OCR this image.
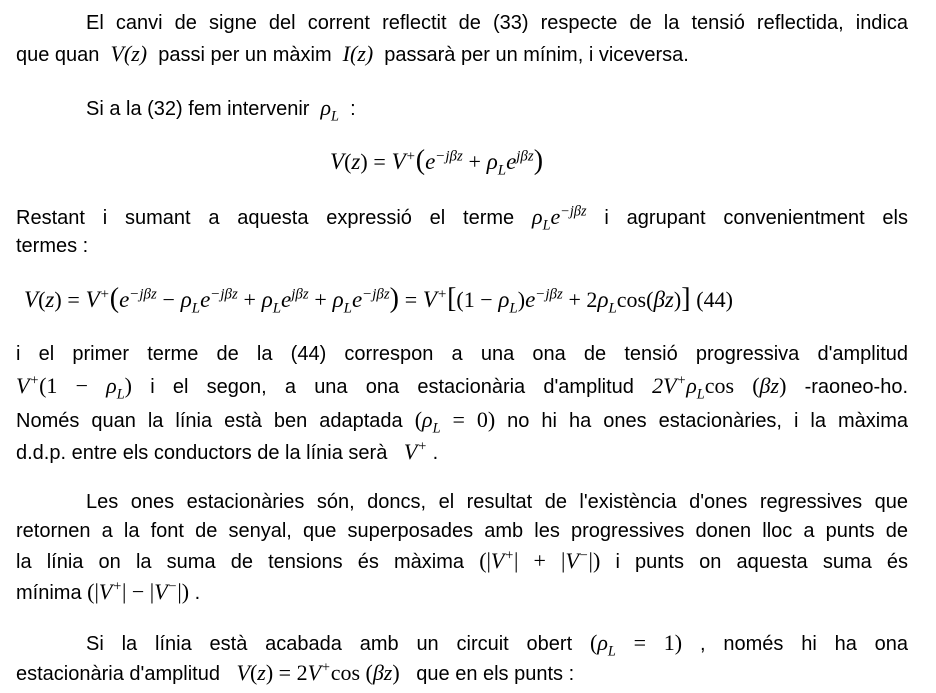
El canvi de signe del corrent reflectit de (33) respecte de la tensió reflectida, indica
que quan  V(z)  passi per un màxim  I(z)  passarà per un mínim, i viceversa.
Si a la (32) fem intervenir  $\rho_L$ :
$V(z) = V^+(e^{-j\beta z} + \rho_Le^{j\beta z})$
Restant i sumant a aquesta expressió el terme $\rho_Le^{-j\beta z}$ i agrupant convenientment els
termes :
$V(z) = V^+(e^{-j\beta z} - \rho_Le^{-j\beta z} + \rho_Le^{j\beta z} + \rho_Le^{-j\beta z}) = V^+[(1 - \rho_L)e^{-j\beta z} + 2\rho_L\cos(\beta z)]$ (44)
i el primer terme de la (44) correspon a una ona de tensió progressiva d'amplitud
$V^+(1 - \rho_L)$ i el segon, a una ona estacionària d'amplitud $2V^+\rho_L\cos$ (βz) -raoneo-ho.
Només quan la línia està ben adaptada $(\rho_L = 0)$ no hi ha ones estacionàries, i la màxima
d.d.p. entre els conductors de la línia serà   V+ .
Les ones estacionàries són, doncs, el resultat de l'existència d'ones regressives que
retornen a la font de senyal, que superposades amb les progressives donen lloc a punts de
la línia on la suma de tensions és màxima (|V+| + |V−|) i punts on aquesta suma és
mínima (|V+| − |V−|) .
Si la línia està acabada amb un circuit obert $(\rho_L = 1)$ , només hi ha ona
estacionària d'amplitud   V(z) = 2V+cos (βz) que en els punts :
